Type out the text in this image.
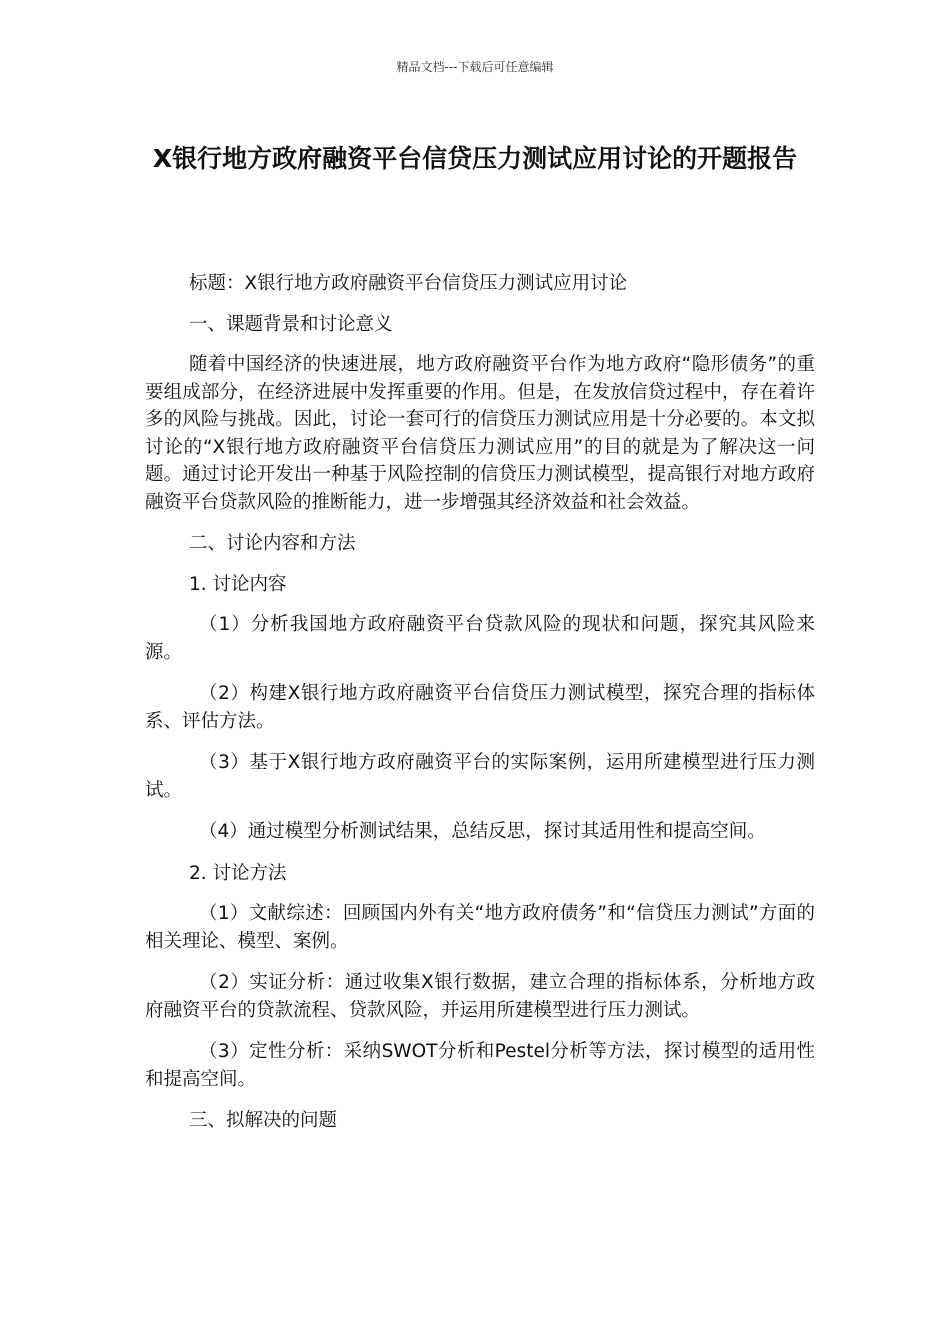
精品文档---下载后可任意编辑
X银行地方政府融资平台信贷压力测试应用讨论的开题报告

标题：X银行地方政府融资平台信贷压力测试应用讨论

一、课题背景和讨论意义

随着中国经济的快速进展，地方政府融资平台作为地方政府“隐形债务”的重要组成部分，在经济进展中发挥重要的作用。但是，在发放信贷过程中，存在着许多的风险与挑战。因此，讨论一套可行的信贷压力测试应用是十分必要的。本文拟讨论的“X银行地方政府融资平台信贷压力测试应用”的目的就是为了解决这一问题。通过讨论开发出一种基于风险控制的信贷压力测试模型，提高银行对地方政府融资平台贷款风险的推断能力，进一步增强其经济效益和社会效益。

二、讨论内容和方法

1. 讨论内容

（1）分析我国地方政府融资平台贷款风险的现状和问题，探究其风险来源。

（2）构建X银行地方政府融资平台信贷压力测试模型，探究合理的指标体系、评估方法。

（3）基于X银行地方政府融资平台的实际案例，运用所建模型进行压力测试。

（4）通过模型分析测试结果，总结反思，探讨其适用性和提高空间。

2. 讨论方法

（1）文献综述：回顾国内外有关“地方政府债务”和“信贷压力测试”方面的相关理论、模型、案例。

（2）实证分析：通过收集X银行数据，建立合理的指标体系，分析地方政府融资平台的贷款流程、贷款风险，并运用所建模型进行压力测试。

（3）定性分析：采纳SWOT分析和Pestel分析等方法，探讨模型的适用性和提高空间。

三、拟解决的问题
